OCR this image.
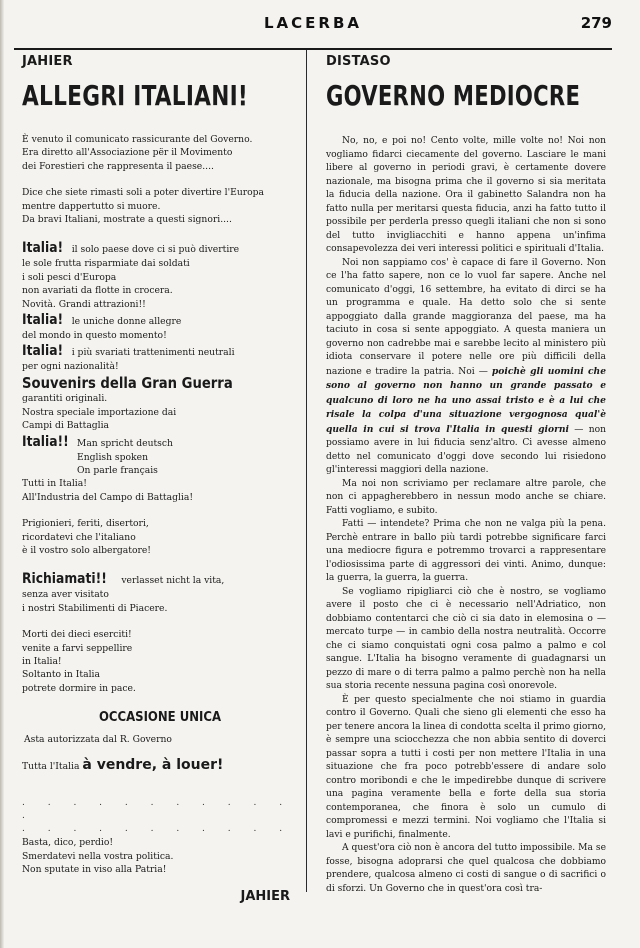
LACERBA	279
JAHIER
ALLEGRI ITALIANI!
È venuto il comunicato rassicurante del Governo.
Era diretto all'Associazione për il Movimento
dei Forestieri che rappresenta il paese....
Dice che siete rimasti soli a poter divertire l'Europa
mentre dappertutto si muore.
Da bravi Italiani, mostrate a questi signori....
Italia! il solo paese dove ci si può divertire
le sole frutta risparmiate dai soldati
i soli pesci d'Europa
non avariati da flotte in crocera.
Novità. Grandi attrazioni!!
Italia! le uniche donne allegre
del mondo in questo momento!
Italia! i più svariati trattenimenti neutrali
per ogni nazionalità!
Souvenirs della Gran Guerra
garantiti originali.
Nostra speciale importazione dai
Campi di Battaglia
Italia!! Man spricht deutsch
English spoken
On parle français
Tutti in Italia!
All'Industria del Campo di Battaglia!
Prigionieri, feriti, disertori,
ricordatevi che l'italiano
è il vostro solo albergatore!
Richiamati!! verlasset nicht la vita,
senza aver visitato
i nostri Stabilimenti di Piacere.
Morti dei dieci eserciti!
venite a farvi seppellire
in Italia!
Soltanto in Italia
potrete dormire in pace.
OCCASIONE UNICA
Asta autorizzata dal R. Governo
Tutta l'Italia à vendre, à louer!
. . . . . . . . . . . .
. . . . . . . . . . .
Basta, dico, perdio!
Smerdatevi nella vostra politica.
Non sputate in viso alla Patria!
JAHIER
DISTASO
GOVERNO MEDIOCRE

No, no, e poi no! Cento volte, mille volte no! Noi non vogliamo fidarci ciecamente del governo. Lasciare le mani libere al governo in periodi gravi, è certamente dovere nazionale, ma bisogna prima che il governo si sia meritata la fiducia della nazione. Ora il gabinetto Salandra non ha fatto nulla per meritarsi questa fiducia, anzi ha fatto tutto il possibile per perderla presso quegli italiani che non si sono del tutto invigliacchiti e hanno appena un'infima consapevolezza dei veri interessi politici e spirituali d'Italia.

Noi non sappiamo cos' è capace di fare il Governo. Non ce l'ha fatto sapere, non ce lo vuol far sapere. Anche nel comunicato d'oggi, 16 settembre, ha evitato di dirci se ha un programma e quale. Ha detto solo che si sente appoggiato dalla grande maggioranza del paese, ma ha taciuto in cosa si sente appoggiato. A questa maniera un governo non cadrebbe mai e sarebbe lecito al ministero più idiota conservare il potere nelle ore più difficili della nazione e tradire la patria. Noi — poichè gli uomini che sono al governo non hanno un grande passato e qualcuno di loro ne ha uno assai tristo e è a lui che risale la colpa d'una situazione vergognosa qual'è quella in cui si trova l'Italia in questi giorni — non possiamo avere in lui fiducia senz'altro. Ci avesse almeno detto nel comunicato d'oggi dove secondo lui risiedono gl'interessi maggiori della nazione.

Ma noi non scriviamo per reclamare altre parole, che non ci appagherebbero in nessun modo anche se chiare. Fatti vogliamo, e subito.

Fatti — intendete? Prima che non ne valga più la pena. Perchè entrare in ballo più tardi potrebbe significare farci una mediocre figura e potremmo trovarci a rappresentare l'odiosissima parte di aggressori dei vinti. Animo, dunque: la guerra, la guerra, la guerra.

Se vogliamo ripigliarci ciò che è nostro, se vogliamo avere il posto che ci è necessario nell'Adriatico, non dobbiamo contentarci che ciò ci sia dato in elemosina o — mercato turpe — in cambio della nostra neutralità. Occorre che ci siamo conquistati ogni cosa palmo a palmo e col sangue. L'Italia ha bisogno veramente di guadagnarsi un pezzo di mare o di terra palmo a palmo perchè non ha nella sua storia recente nessuna pagina così onorevole.

È per questo specialmente che noi stiamo in guardia contro il Governo. Quali che sieno gli elementi che esso ha per tenere ancora la linea di condotta scelta il primo giorno, è sempre una sciocchezza che non abbia sentito di doverci passar sopra a tutti i costi per non mettere l'Italia in una situazione che fra poco potrebb'essere di andare solo contro moribondi e che le impedirebbe dunque di scrivere una pagina veramente bella e forte della sua storia contemporanea, che finora è solo un cumulo di compromessi e mezzi termini. Noi vogliamo che l'Italia si lavi e purifichi, finalmente.

A quest'ora ciò non è ancora del tutto impossibile. Ma se fosse, bisogna adoprarsi che quel qualcosa che dobbiamo prendere, qualcosa almeno ci costi di sangue o di sacrifici o di sforzi. Un Governo che in quest'ora così tra-
